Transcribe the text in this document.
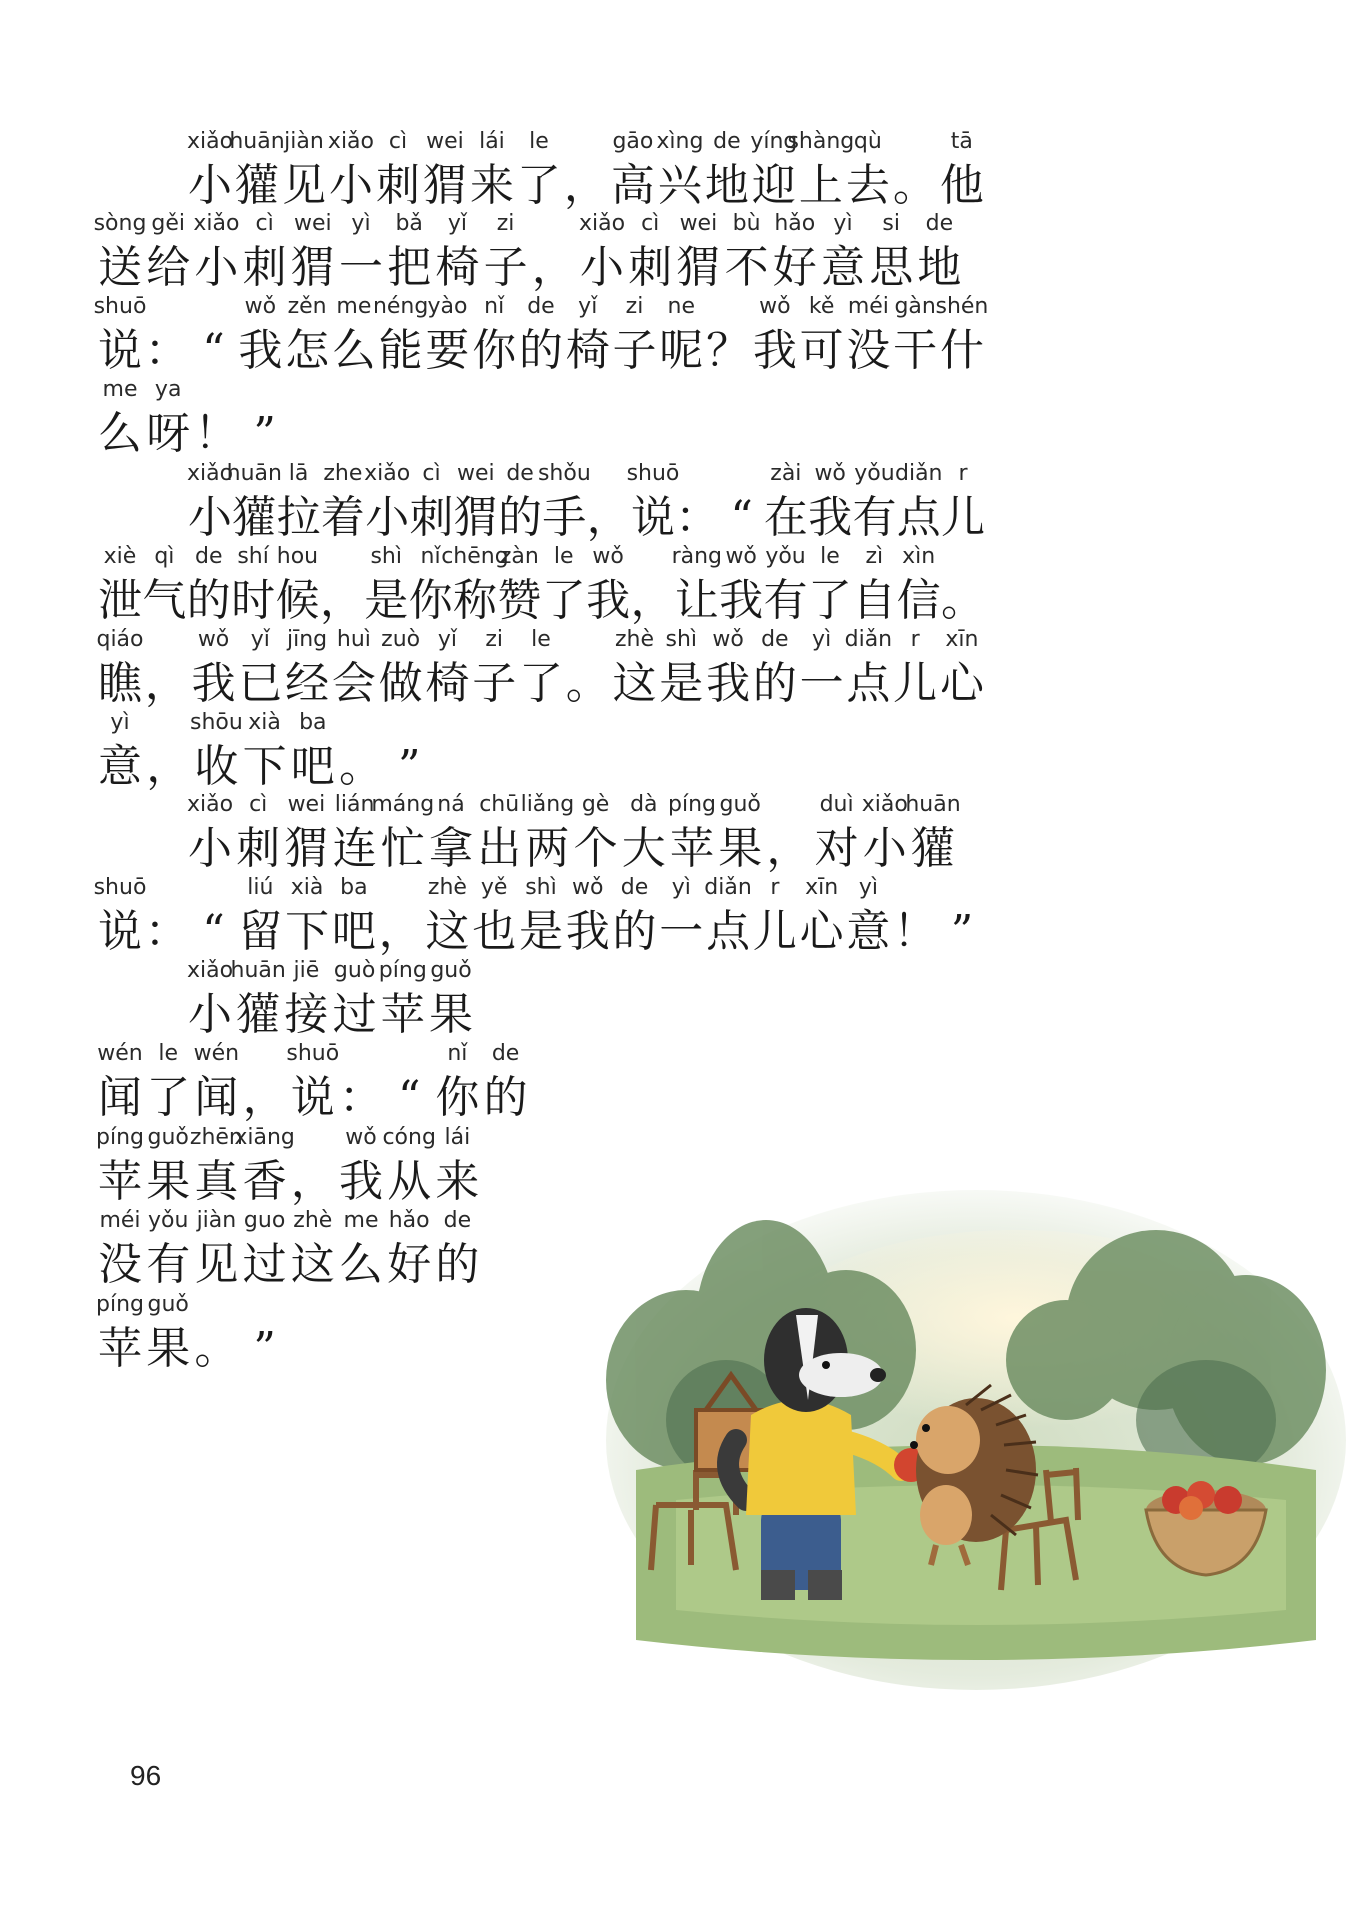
xiǎo
小
huān
獾
jiàn
见
xiǎo
小
cì
刺
wei
猬
lái
来
le
了 ，
gāo
高
xìng
兴
de
地
yíng
迎
shàng
上
qù
去 。
tā
他
sòng
送
gěi
给
xiǎo
小
cì
刺
wei
猬
yì
一
bǎ
把
yǐ
椅
zi
子 ，
xiǎo
小
cì
刺
wei
猬
bù
不
hǎo
好
yì
意
si
思
de
地
shuō
说 ： “
wǒ
我
zěn
怎
me
么
néng
能
yào
要
nǐ
你
de
的
yǐ
椅
zi
子
ne
呢 ？
wǒ
我
kě
可
méi
没
gàn
干
shén
什
me
么
ya
呀 ！ ”
xiǎo
小
huān
獾
lā
拉
zhe
着
xiǎo
小
cì
刺
wei
猬
de
的
shǒu
手 ，
shuō
说 ： “
zài
在
wǒ
我
yǒu
有
diǎn
点
r
儿
xiè
泄
qì
气
de
的
shí
时
hou
候 ，
shì
是
nǐ
你
chēng
称
zàn
赞
le
了
wǒ
我 ，
ràng
让
wǒ
我
yǒu
有
le
了
zì
自
xìn
信 。
qiáo
瞧 ，
wǒ
我
yǐ
已
jīng
经
huì
会
zuò
做
yǐ
椅
zi
子
le
了 。
zhè
这
shì
是
wǒ
我
de
的
yì
一
diǎn
点
r
儿
xīn
心
yì
意 ，
shōu
收
xià
下
ba
吧 。 ”
xiǎo
小
cì
刺
wei
猬
lián
连
máng
忙
ná
拿
chū
出
liǎng
两
gè
个
dà
大
píng
苹
guǒ
果 ，
duì
对
xiǎo
小
huān
獾
shuō
说 ： “
liú
留
xià
下
ba
吧 ，
zhè
这
yě
也
shì
是
wǒ
我
de
的
yì
一
diǎn
点
r
儿
xīn
心
yì
意 ！ ”
xiǎo
小
huān
獾
jiē
接
guò
过
píng
苹
guǒ
果
wén
闻
le
了
wén
闻 ，
shuō
说 ： “
nǐ
你
de
的
píng
苹
guǒ
果
zhēn
真
xiāng
香 ，
wǒ
我
cóng
从
lái
来
méi
没
yǒu
有
jiàn
见
guo
过
zhè
这
me
么
hǎo
好
de
的
píng
苹
guǒ
果 。 ”
96
